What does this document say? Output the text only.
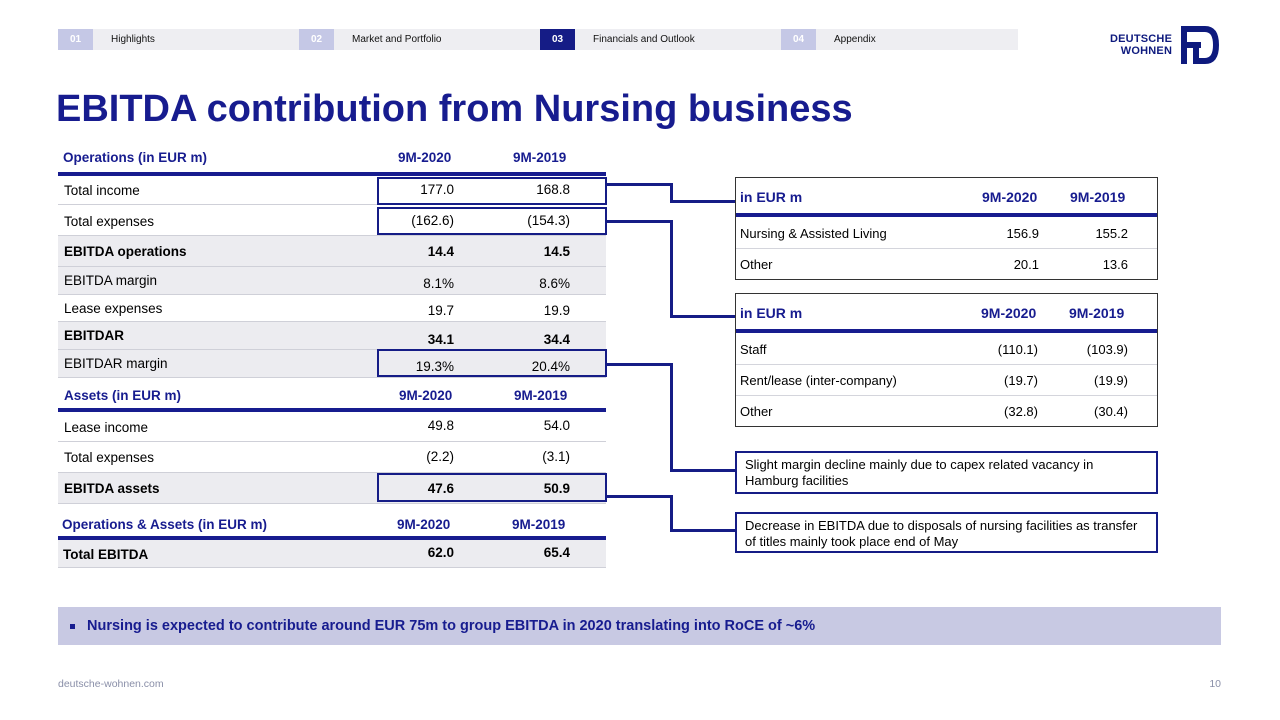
01	Highlights	02	Market and Portfolio	03	Financials and Outlook	04	Appendix	DEUTSCHE
WOHNEN
EBITDA contribution from Nursing business
Operations (in EUR m)	9M-2020	9M-2019
Total income	177.0	168.8
Total expenses	(162.6)	(154.3)
EBITDA operations	14.4	14.5
EBITDA margin	8.1%	8.6%
Lease expenses	19.7	19.9
EBITDAR	34.1	34.4
EBITDAR margin	19.3%	20.4%
Assets (in EUR m)	9M-2020	9M-2019
Lease income	49.8	54.0
Total expenses	(2.2)	(3.1)
EBITDA assets	47.6	50.9
Operations & Assets (in EUR m)	9M-2020	9M-2019
Total EBITDA	62.0	65.4
in EUR m	9M-2020 9M-2019
Nursing & Assisted Living	156.9	155.2
Other	20.1	13.6
in EUR m	9M-2020 9M-2019
Staff	(110.1)	(103.9)
Rent/lease (inter-company)	(19.7)	(19.9)
Other	(32.8)	(30.4)
Slight margin decline mainly due to capex related vacancy in Hamburg facilities
Decrease in EBITDA due to disposals of nursing facilities as transfer of titles mainly took place end of May
Nursing is expected to contribute around EUR 75m to group EBITDA in 2020 translating into RoCE of ~6%
deutsche-wohnen.com	10
